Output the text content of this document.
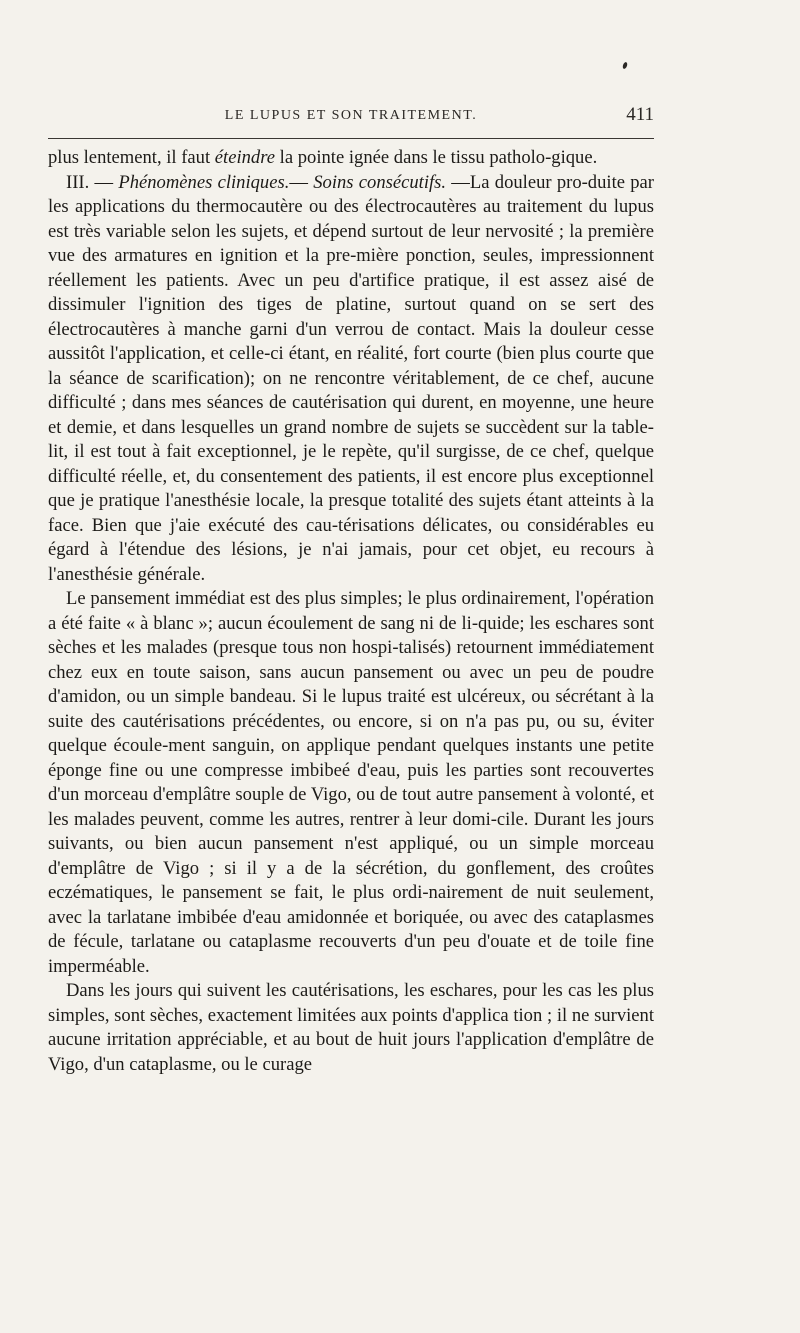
LE LUPUS ET SON TRAITEMENT.	411

plus lentement, il faut éteindre la pointe ignée dans le tissu patholo-gique.

III. — Phénomènes cliniques.— Soins consécutifs. —La douleur pro-duite par les applications du thermocautère ou des électrocautères au traitement du lupus est très variable selon les sujets, et dépend surtout de leur nervosité ; la première vue des armatures en ignition et la pre-mière ponction, seules, impressionnent réellement les patients. Avec un peu d'artifice pratique, il est assez aisé de dissimuler l'ignition des tiges de platine, surtout quand on se sert des électrocautères à manche garni d'un verrou de contact. Mais la douleur cesse aussitôt l'application, et celle-ci étant, en réalité, fort courte (bien plus courte que la séance de scarification); on ne rencontre véritablement, de ce chef, aucune difficulté ; dans mes séances de cautérisation qui durent, en moyenne, une heure et demie, et dans lesquelles un grand nombre de sujets se succèdent sur la table-lit, il est tout à fait exceptionnel, je le repète, qu'il surgisse, de ce chef, quelque difficulté réelle, et, du consentement des patients, il est encore plus exceptionnel que je pratique l'anesthésie locale, la presque totalité des sujets étant atteints à la face. Bien que j'aie exécuté des cau-térisations délicates, ou considérables eu égard à l'étendue des lésions, je n'ai jamais, pour cet objet, eu recours à l'anesthésie générale.

Le pansement immédiat est des plus simples; le plus ordinairement, l'opération a été faite « à blanc »; aucun écoulement de sang ni de li-quide; les eschares sont sèches et les malades (presque tous non hospi-talisés) retournent immédiatement chez eux en toute saison, sans aucun pansement ou avec un peu de poudre d'amidon, ou un simple bandeau. Si le lupus traité est ulcéreux, ou sécrétant à la suite des cautérisations précédentes, ou encore, si on n'a pas pu, ou su, éviter quelque écoule-ment sanguin, on applique pendant quelques instants une petite éponge fine ou une compresse imbibeé d'eau, puis les parties sont recouvertes d'un morceau d'emplâtre souple de Vigo, ou de tout autre pansement à volonté, et les malades peuvent, comme les autres, rentrer à leur domi-cile. Durant les jours suivants, ou bien aucun pansement n'est appliqué, ou un simple morceau d'emplâtre de Vigo ; si il y a de la sécrétion, du gonflement, des croûtes eczématiques, le pansement se fait, le plus ordi-nairement de nuit seulement, avec la tarlatane imbibée d'eau amidonnée et boriquée, ou avec des cataplasmes de fécule, tarlatane ou cataplasme recouverts d'un peu d'ouate et de toile fine imperméable.

Dans les jours qui suivent les cautérisations, les eschares, pour les cas les plus simples, sont sèches, exactement limitées aux points d'applica tion ; il ne survient aucune irritation appréciable, et au bout de huit jours l'application d'emplâtre de Vigo, d'un cataplasme, ou le curage
